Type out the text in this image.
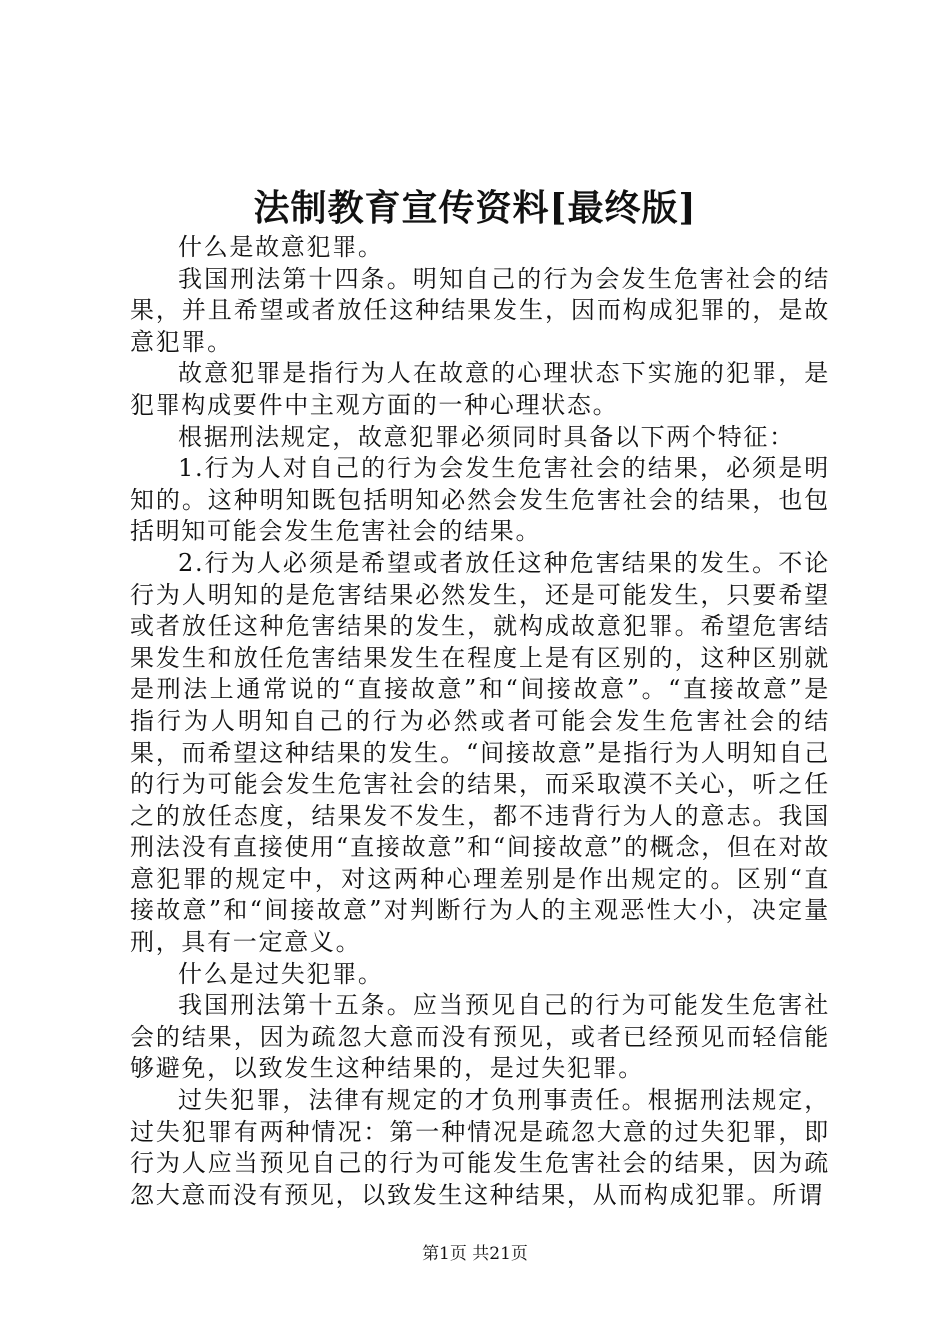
法制教育宣传资料[最终版]

什么是故意犯罪。

我国刑法第十四条。明知自己的行为会发生危害社会的结果，并且希望或者放任这种结果发生，因而构成犯罪的，是故意犯罪。

故意犯罪是指行为人在故意的心理状态下实施的犯罪，是犯罪构成要件中主观方面的一种心理状态。

根据刑法规定，故意犯罪必须同时具备以下两个特征：

1.行为人对自己的行为会发生危害社会的结果，必须是明知的。这种明知既包括明知必然会发生危害社会的结果，也包括明知可能会发生危害社会的结果。

2.行为人必须是希望或者放任这种危害结果的发生。不论行为人明知的是危害结果必然发生，还是可能发生，只要希望或者放任这种危害结果的发生，就构成故意犯罪。希望危害结果发生和放任危害结果发生在程度上是有区别的，这种区别就是刑法上通常说的“直接故意”和“间接故意”。“直接故意”是指行为人明知自己的行为必然或者可能会发生危害社会的结果，而希望这种结果的发生。“间接故意”是指行为人明知自己的行为可能会发生危害社会的结果，而采取漠不关心，听之任之的放任态度，结果发不发生，都不违背行为人的意志。我国刑法没有直接使用“直接故意”和“间接故意”的概念，但在对故意犯罪的规定中，对这两种心理差别是作出规定的。区别“直接故意”和“间接故意”对判断行为人的主观恶性大小，决定量刑，具有一定意义。

什么是过失犯罪。

我国刑法第十五条。应当预见自己的行为可能发生危害社会的结果，因为疏忽大意而没有预见，或者已经预见而轻信能够避免，以致发生这种结果的，是过失犯罪。

过失犯罪，法律有规定的才负刑事责任。根据刑法规定，过失犯罪有两种情况：第一种情况是疏忽大意的过失犯罪，即行为人应当预见自己的行为可能发生危害社会的结果，因为疏忽大意而没有预见，以致发生这种结果，从而构成犯罪。所谓

第1页 共21页
